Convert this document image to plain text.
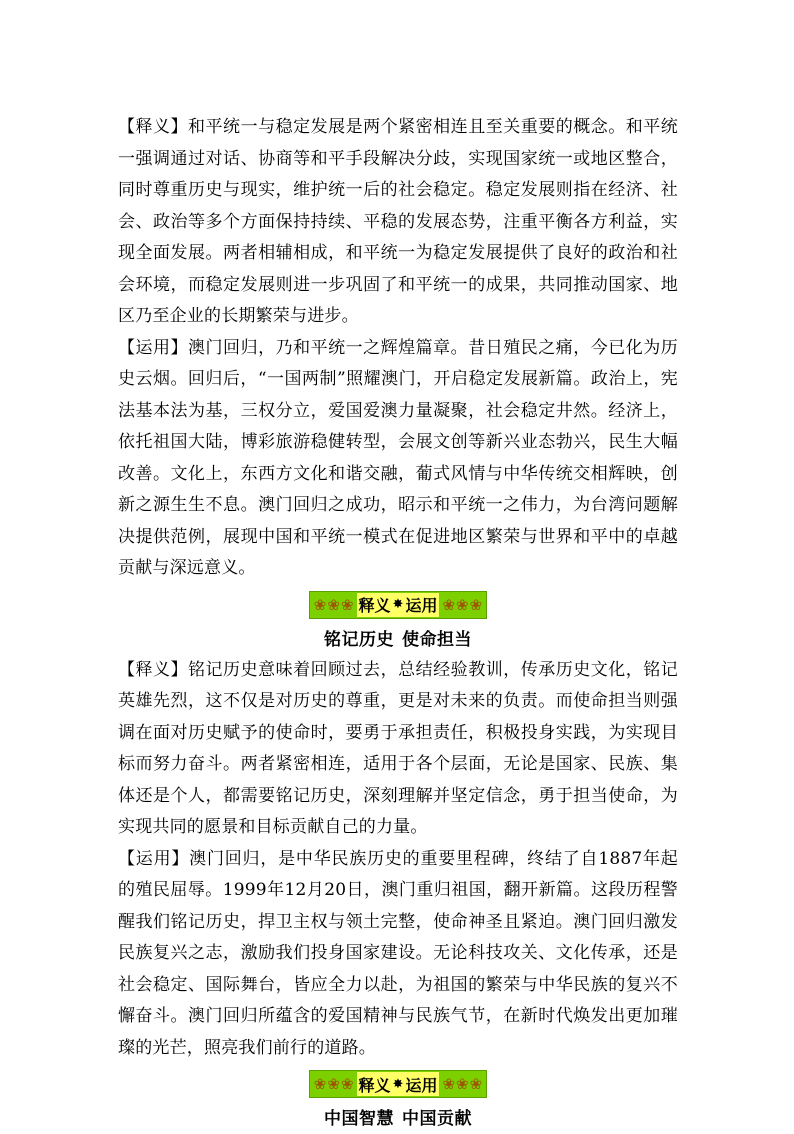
【释义】和平统一与稳定发展是两个紧密相连且至关重要的概念。和平统一强调通过对话、协商等和平手段解决分歧，实现国家统一或地区整合，同时尊重历史与现实，维护统一后的社会稳定。稳定发展则指在经济、社会、政治等多个方面保持持续、平稳的发展态势，注重平衡各方利益，实现全面发展。两者相辅相成，和平统一为稳定发展提供了良好的政治和社会环境，而稳定发展则进一步巩固了和平统一的成果，共同推动国家、地区乃至企业的长期繁荣与进步。

【运用】澳门回归，乃和平统一之辉煌篇章。昔日殖民之痛，今已化为历史云烟。回归后，“一国两制”照耀澳门，开启稳定发展新篇。政治上，宪法基本法为基，三权分立，爱国爱澳力量凝聚，社会稳定井然。经济上，依托祖国大陆，博彩旅游稳健转型，会展文创等新兴业态勃兴，民生大幅改善。文化上，东西方文化和谐交融，葡式风情与中华传统交相辉映，创新之源生生不息。澳门回归之成功，昭示和平统一之伟力，为台湾问题解决提供范例，展现中国和平统一模式在促进地区繁荣与世界和平中的卓越贡献与深远意义。

❀ ❀ ❀ 释义 ✸ 运用 ❀ ❀ ❀
铭记历史 使命担当

【释义】铭记历史意味着回顾过去，总结经验教训，传承历史文化，铭记英雄先烈，这不仅是对历史的尊重，更是对未来的负责。而使命担当则强调在面对历史赋予的使命时，要勇于承担责任，积极投身实践，为实现目标而努力奋斗。两者紧密相连，适用于各个层面，无论是国家、民族、集体还是个人，都需要铭记历史，深刻理解并坚定信念，勇于担当使命，为实现共同的愿景和目标贡献自己的力量。

【运用】澳门回归，是中华民族历史的重要里程碑，终结了自1887年起的殖民屈辱。1999年12月20日，澳门重归祖国，翻开新篇。这段历程警醒我们铭记历史，捍卫主权与领土完整，使命神圣且紧迫。澳门回归激发民族复兴之志，激励我们投身国家建设。无论科技攻关、文化传承，还是社会稳定、国际舞台，皆应全力以赴，为祖国的繁荣与中华民族的复兴不懈奋斗。澳门回归所蕴含的爱国精神与民族气节，在新时代焕发出更加璀璨的光芒，照亮我们前行的道路。

❀ ❀ ❀ 释义 ✸ 运用 ❀ ❀ ❀
中国智慧 中国贡献
